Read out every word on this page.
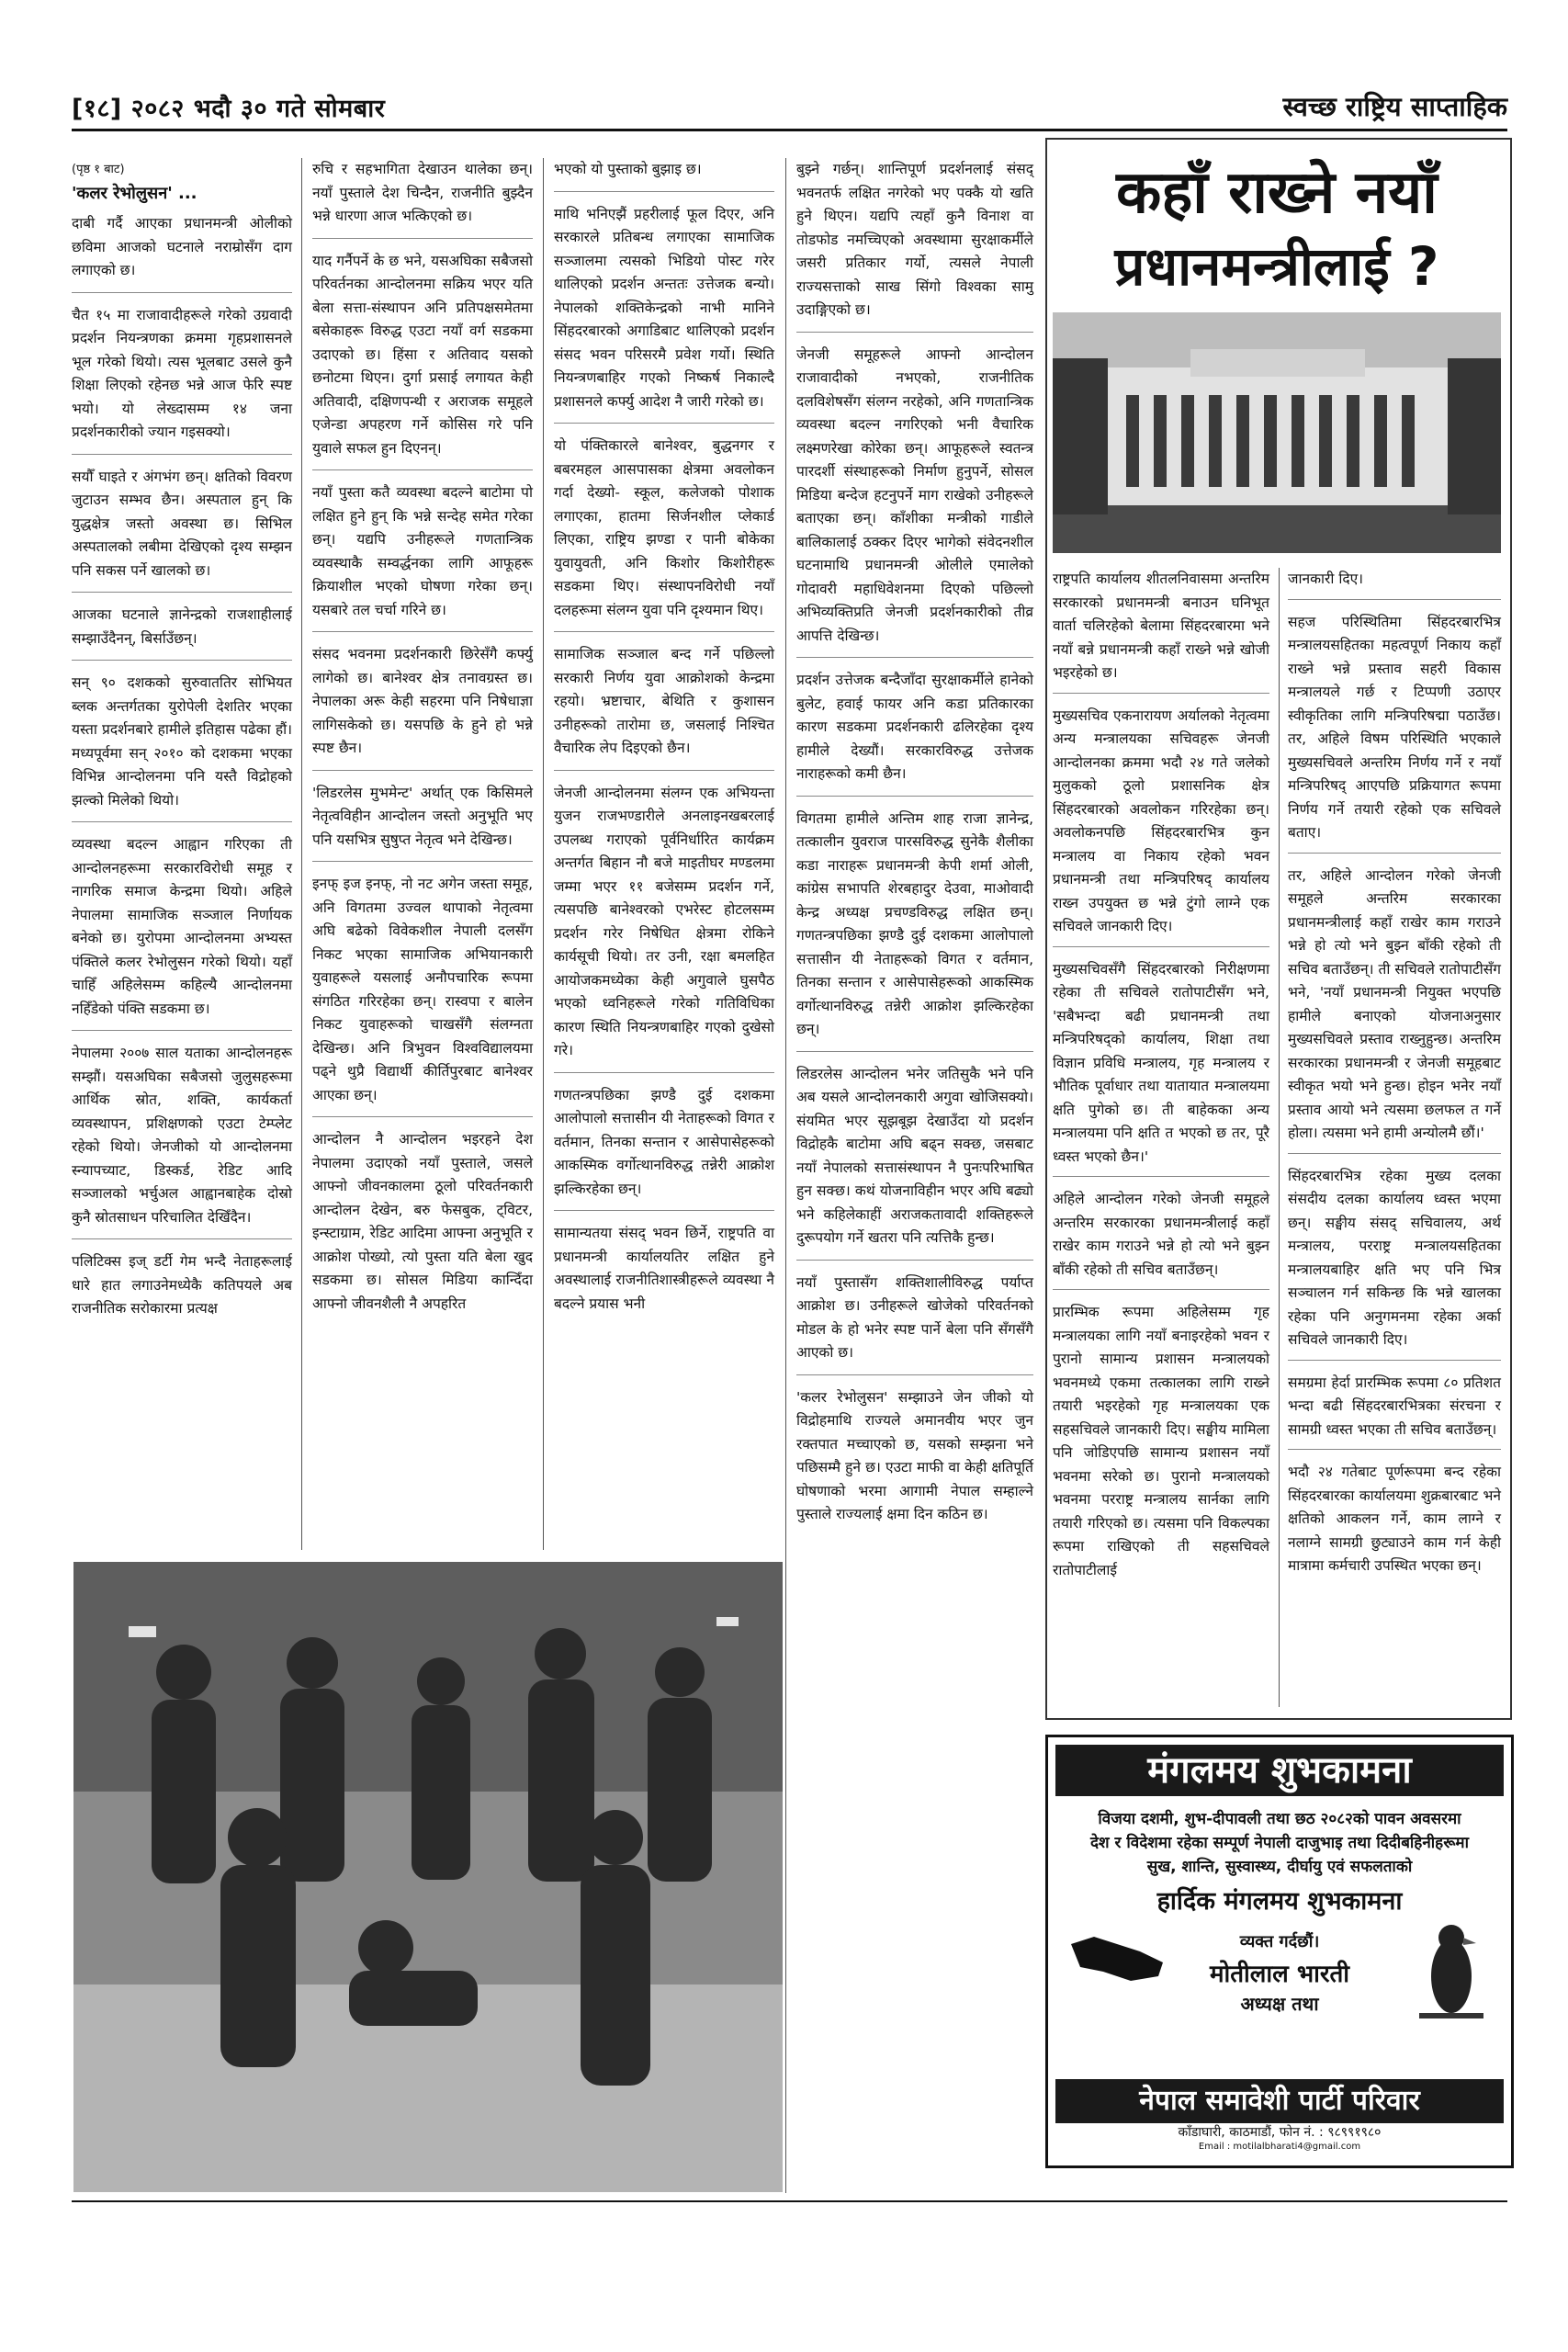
[१८] २०८२ भदौ ३० गते सोमबार	स्वच्छ राष्ट्रिय साप्ताहिक
(पृष्ठ १ बाट)
'कलर रेभोलुसन' ...

दाबी गर्दै आएका प्रधानमन्त्री ओलीको छविमा आजको घटनाले नराम्रोसँग दाग लगाएको छ।

चैत १५ मा राजावादीहरूले गरेको उग्रवादी प्रदर्शन नियन्त्रणका क्रममा गृहप्रशासनले भूल गरेको थियो। त्यस भूलबाट उसले कुनै शिक्षा लिएको रहेनछ भन्ने आज फेरि स्पष्ट भयो। यो लेख्दासम्म १४ जना प्रदर्शनकारीको ज्यान गइसक्यो।

सयौँ घाइते र अंगभंग छन्। क्षतिको विवरण जुटाउन सम्भव छैन। अस्पताल हुन् कि युद्धक्षेत्र जस्तो अवस्था छ। सिभिल अस्पतालको लबीमा देखिएको दृश्य सम्झन पनि सकस पर्ने खालको छ।

आजका घटनाले ज्ञानेन्द्रको राजशाहीलाई सम्झाउँदैनन्, बिर्साउँछन्।

सन् ९० दशकको सुरुवाततिर सोभियत ब्लक अन्तर्गतका युरोपेली देशतिर भएका यस्ता प्रदर्शनबारे हामीले इतिहास पढेका हौं। मध्यपूर्वमा सन् २०१० को दशकमा भएका विभिन्न आन्दोलनमा पनि यस्तै विद्रोहको झल्को मिलेको थियो।

व्यवस्था बदल्न आह्वान गरिएका ती आन्दोलनहरूमा सरकारविरोधी समूह र नागरिक समाज केन्द्रमा थियो। अहिले नेपालमा सामाजिक सञ्जाल निर्णायक बनेको छ। युरोपमा आन्दोलनमा अभ्यस्त पंक्तिले कलर रेभोलुसन गरेको थियो। यहाँ चाहिँ अहिलेसम्म कहिल्यै आन्दोलनमा नहिँडेको पंक्ति सडकमा छ।

नेपालमा २००७ साल यताका आन्दोलनहरू सम्झौं। यसअघिका सबैजसो जुलुसहरूमा आर्थिक स्रोत, शक्ति, कार्यकर्ता व्यवस्थापन, प्रशिक्षणको एउटा टेम्प्लेट रहेको थियो। जेनजीको यो आन्दोलनमा स्न्यापच्याट, डिस्कर्ड, रेडिट आदि सञ्जालको भर्चुअल आह्वानबाहेक दोस्रो कुनै स्रोतसाधन परिचालित देखिँदैन।

पलिटिक्स इज् डर्टी गेम भन्दै नेताहरूलाई धारे हात लगाउनेमध्येकै कतिपयले अब राजनीतिक सरोकारमा प्रत्यक्ष

रुचि र सहभागिता देखाउन थालेका छन्। नयाँ पुस्ताले देश चिन्दैन, राजनीति बुझ्दैन भन्ने धारणा आज भत्किएको छ।

याद गर्नैपर्ने के छ भने, यसअघिका सबैजसो परिवर्तनका आन्दोलनमा सक्रिय भएर यति बेला सत्ता-संस्थापन अनि प्रतिपक्षसमेतमा बसेकाहरू विरुद्ध एउटा नयाँ वर्ग सडकमा उदाएको छ। हिंसा र अतिवाद यसको छनोटमा थिएन। दुर्गा प्रसाई लगायत केही अतिवादी, दक्षिणपन्थी र अराजक समूहले एजेन्डा अपहरण गर्ने कोसिस गरे पनि युवाले सफल हुन दिएनन्।

नयाँ पुस्ता कतै व्यवस्था बदल्ने बाटोमा पो लक्षित हुने हुन् कि भन्ने सन्देह समेत गरेका छन्। यद्यपि उनीहरूले गणतान्त्रिक व्यवस्थाकै सम्वर्द्धनका लागि आफूहरू क्रियाशील भएको घोषणा गरेका छन्। यसबारे तल चर्चा गरिने छ।

संसद भवनमा प्रदर्शनकारी छिरेसँगै कर्फ्यु लागेको छ। बानेश्वर क्षेत्र तनावग्रस्त छ। नेपालका अरू केही सहरमा पनि निषेधाज्ञा लागिसकेको छ। यसपछि के हुने हो भन्ने स्पष्ट छैन।

'लिडरलेस मुभमेन्ट' अर्थात् एक किसिमले नेतृत्वविहीन आन्दोलन जस्तो अनुभूति भए पनि यसभित्र सुषुप्त नेतृत्व भने देखिन्छ।

इनफ् इज इनफ्, नो नट अगेन जस्ता समूह, अनि विगतमा उज्वल थापाको नेतृत्वमा अघि बढेको विवेकशील नेपाली दलसँग निकट भएका सामाजिक अभियानकारी युवाहरूले यसलाई अनौपचारिक रूपमा संगठित गरिरहेका छन्। रास्वपा र बालेन निकट युवाहरूको चाखसँगै संलग्नता देखिन्छ। अनि त्रिभुवन विश्वविद्यालयमा पढ्ने थुप्रै विद्यार्थी कीर्तिपुरबाट बानेश्वर आएका छन्।

आन्दोलन नै आन्दोलन भइरहने देश नेपालमा उदाएको नयाँ पुस्ताले, जसले आफ्नो जीवनकालमा ठूलो परिवर्तनकारी आन्दोलन देखेन, बरु फेसबुक, ट्विटर, इन्स्टाग्राम, रेडिट आदिमा आफ्ना अनुभूति र आक्रोश पोख्यो, त्यो पुस्ता यति बेला खुद सडकमा छ। सोसल मिडिया कान्दिँदा आफ्नो जीवनशैली नै अपहरित

भएको यो पुस्ताको बुझाइ छ।

माथि भनिएझैं प्रहरीलाई फूल दिएर, अनि सरकारले प्रतिबन्ध लगाएका सामाजिक सञ्जालमा त्यसको भिडियो पोस्ट गरेर थालिएको प्रदर्शन अन्ततः उत्तेजक बन्यो। नेपालको शक्तिकेन्द्रको नाभी मानिने सिंहदरबारको अगाडिबाट थालिएको प्रदर्शन संसद भवन परिसरमै प्रवेश गर्यो। स्थिति नियन्त्रणबाहिर गएको निष्कर्ष निकाल्दै प्रशासनले कर्फ्यु आदेश नै जारी गरेको छ।

यो पंक्तिकारले बानेश्वर, बुद्धनगर र बबरमहल आसपासका क्षेत्रमा अवलोकन गर्दा देख्यो- स्कूल, कलेजको पोशाक लगाएका, हातमा सिर्जनशील प्लेकार्ड लिएका, राष्ट्रिय झण्डा र पानी बोकेका युवायुवती, अनि किशोर किशोरीहरू सडकमा थिए। संस्थापनविरोधी नयाँ दलहरूमा संलग्न युवा पनि दृश्यमान थिए।

सामाजिक सञ्जाल बन्द गर्ने पछिल्लो सरकारी निर्णय युवा आक्रोशको केन्द्रमा रहयो। भ्रष्टाचार, बेथिति र कुशासन उनीहरूको तारोमा छ, जसलाई निश्चित वैचारिक लेप दिइएको छैन।

जेनजी आन्दोलनमा संलग्न एक अभियन्ता युजन राजभण्डारीले अनलाइनखबरलाई उपलब्ध गराएको पूर्वनिर्धारित कार्यक्रम अन्तर्गत बिहान नौ बजे माइतीघर मण्डलमा जम्मा भएर ११ बजेसम्म प्रदर्शन गर्ने, त्यसपछि बानेश्वरको एभरेस्ट होटलसम्म प्रदर्शन गरेर निषेधित क्षेत्रमा रोकिने कार्यसूची थियो। तर उनी, रक्षा बमलहित आयोजकमध्येका केही अगुवाले घुसपैठ भएको ध्वनिहरूले गरेको गतिविधिका कारण स्थिति नियन्त्रणबाहिर गएको दुखेसो गरे।

गणतन्त्रपछिका झण्डै दुई दशकमा आलोपालो सत्तासीन यी नेताहरूको विगत र वर्तमान, तिनका सन्तान र आसेपासेहरूको आकस्मिक वर्गोत्थानविरुद्ध तन्नेरी आक्रोश झल्किरहेका छन्।

सामान्यतया संसद् भवन छिर्ने, राष्ट्रपति वा प्रधानमन्त्री कार्यालयतिर लक्षित हुने अवस्थालाई राजनीतिशास्त्रीहरूले व्यवस्था नै बदल्ने प्रयास भनी

बुझ्ने गर्छन्। शान्तिपूर्ण प्रदर्शनलाई संसद् भवनतर्फ लक्षित नगरेको भए पक्कै यो खति हुने थिएन। यद्यपि त्यहाँ कुनै विनाश वा तोडफोड नमच्चिएको अवस्थामा सुरक्षाकर्मीले जसरी प्रतिकार गर्यो, त्यसले नेपाली राज्यसत्ताको साख सिंगो विश्वका सामु उदाङ्गिएको छ।

जेनजी समूहरूले आफ्नो आन्दोलन राजावादीको नभएको, राजनीतिक दलविशेषसँग संलग्न नरहेको, अनि गणतान्त्रिक व्यवस्था बदल्न नगरिएको भनी वैचारिक लक्ष्मणरेखा कोरेका छन्। आफूहरूले स्वतन्त्र पारदर्शी संस्थाहरूको निर्माण हुनुपर्ने, सोसल मिडिया बन्देज हटनुपर्ने माग राखेको उनीहरूले बताएका छन्। काँशीका मन्त्रीको गाडीले बालिकालाई ठक्कर दिएर भागेको संवेदनशील घटनामाथि प्रधानमन्त्री ओलीले एमालेको गोदावरी महाधिवेशनमा दिएको पछिल्लो अभिव्यक्तिप्रति जेनजी प्रदर्शनकारीको तीव्र आपत्ति देखिन्छ।

प्रदर्शन उत्तेजक बन्दैजाँदा सुरक्षाकर्मीले हानेको बुलेट, हवाई फायर अनि कडा प्रतिकारका कारण सडकमा प्रदर्शनकारी ढलिरहेका दृश्य हामीले देख्यौं। सरकारविरुद्ध उत्तेजक नाराहरूको कमी छैन।

विगतमा हामीले अन्तिम शाह राजा ज्ञानेन्द्र, तत्कालीन युवराज पारसविरुद्ध सुनेकै शैलीका कडा नाराहरू प्रधानमन्त्री केपी शर्मा ओली, कांग्रेस सभापति शेरबहादुर देउवा, माओवादी केन्द्र अध्यक्ष प्रचण्डविरुद्ध लक्षित छन्। गणतन्त्रपछिका झण्डै दुई दशकमा आलोपालो सत्तासीन यी नेताहरूको विगत र वर्तमान, तिनका सन्तान र आसेपासेहरूको आकस्मिक वर्गोत्थानविरुद्ध तन्नेरी आक्रोश झल्किरहेका छन्।

लिडरलेस आन्दोलन भनेर जतिसुकै भने पनि अब यसले आन्दोलनकारी अगुवा खोजिसक्यो। संयमित भएर सूझबूझ देखाउँदा यो प्रदर्शन विद्रोहकै बाटोमा अघि बढ्न सक्छ, जसबाट नयाँ नेपालको सत्तासंस्थापन नै पुनःपरिभाषित हुन सक्छ। कथं योजनाविहीन भएर अघि बढ्यो भने कहिलेकाहीं अराजकतावादी शक्तिहरूले दुरूपयोग गर्ने खतरा पनि त्यत्तिकै हुन्छ।

नयाँ पुस्तासँग शक्तिशालीविरुद्ध पर्याप्त आक्रोश छ। उनीहरूले खोजेको परिवर्तनको मोडल के हो भनेर स्पष्ट पार्ने बेला पनि सँगसँगै आएको छ।

'कलर रेभोलुसन' सम्झाउने जेन जीको यो विद्रोहमाथि राज्यले अमानवीय भएर जुन रक्तपात मच्चाएको छ, यसको सम्झना भने पछिसम्मै हुने छ। एउटा माफी वा केही क्षतिपूर्ति घोषणाको भरमा आगामी नेपाल सम्हाल्ने पुस्ताले राज्यलाई क्षमा दिन कठिन छ।

कहाँ राख्ने नयाँ
प्रधानमन्त्रीलाई ?

राष्ट्रपति कार्यालय शीतलनिवासमा अन्तरिम सरकारको प्रधानमन्त्री बनाउन घनिभूत वार्ता चलिरहेको बेलामा सिंहदरबारमा भने नयाँ बन्ने प्रधानमन्त्री कहाँ राख्ने भन्ने खोजी भइरहेको छ।

मुख्यसचिव एकनारायण अर्यालको नेतृत्वमा अन्य मन्त्रालयका सचिवहरू जेनजी आन्दोलनका क्रममा भदौ २४ गते जलेको मुलुकको ठूलो प्रशासनिक क्षेत्र सिंहदरबारको अवलोकन गरिरहेका छन्। अवलोकनपछि सिंहदरबारभित्र कुन मन्त्रालय वा निकाय रहेको भवन प्रधानमन्त्री तथा मन्त्रिपरिषद् कार्यालय राख्न उपयुक्त छ भन्ने टुंगो लाग्ने एक सचिवले जानकारी दिए।

मुख्यसचिवसँगै सिंहदरबारको निरीक्षणमा रहेका ती सचिवले रातोपाटीसँग भने, 'सबैभन्दा बढी प्रधानमन्त्री तथा मन्त्रिपरिषद्को कार्यालय, शिक्षा तथा विज्ञान प्रविधि मन्त्रालय, गृह मन्त्रालय र भौतिक पूर्वाधार तथा यातायात मन्त्रालयमा क्षति पुगेको छ। ती बाहेकका अन्य मन्त्रालयमा पनि क्षति त भएको छ तर, पूरै ध्वस्त भएको छैन।'

अहिले आन्दोलन गरेको जेनजी समूहले अन्तरिम सरकारका प्रधानमन्त्रीलाई कहाँ राखेर काम गराउने भन्ने हो त्यो भने बुझ्न बाँकी रहेको ती सचिव बताउँछन्।

प्रारम्भिक रूपमा अहिलेसम्म गृह मन्त्रालयका लागि नयाँ बनाइरहेको भवन र पुरानो सामान्य प्रशासन मन्त्रालयको भवनमध्ये एकमा तत्कालका लागि राख्ने तयारी भइरहेको गृह मन्त्रालयका एक सहसचिवले जानकारी दिए। सङ्घीय मामिला पनि जोडिएपछि सामान्य प्रशासन नयाँ भवनमा सरेको छ। पुरानो मन्त्रालयको भवनमा परराष्ट्र मन्त्रालय सार्नका लागि तयारी गरिएको छ। त्यसमा पनि विकल्पका रूपमा राखिएको ती सहसचिवले रातोपाटीलाई

जानकारी दिए।

सहज परिस्थितिमा सिंहदरबारभित्र मन्त्रालयसहितका महत्वपूर्ण निकाय कहाँ राख्ने भन्ने प्रस्ताव सहरी विकास मन्त्रालयले गर्छ र टिप्पणी उठाएर स्वीकृतिका लागि मन्त्रिपरिषद्मा पठाउँछ। तर, अहिले विषम परिस्थिति भएकाले मुख्यसचिवले अन्तरिम निर्णय गर्ने र नयाँ मन्त्रिपरिषद् आएपछि प्रक्रियागत रूपमा निर्णय गर्ने तयारी रहेको एक सचिवले बताए।

तर, अहिले आन्दोलन गरेको जेनजी समूहले अन्तरिम सरकारका प्रधानमन्त्रीलाई कहाँ राखेर काम गराउने भन्ने हो त्यो भने बुझ्न बाँकी रहेको ती सचिव बताउँछन्। ती सचिवले रातोपाटीसँग भने, 'नयाँ प्रधानमन्त्री नियुक्त भएपछि हामीले बनाएको योजनाअनुसार मुख्यसचिवले प्रस्ताव राख्नुहुन्छ। अन्तरिम सरकारका प्रधानमन्त्री र जेनजी समूहबाट स्वीकृत भयो भने हुन्छ। होइन भनेर नयाँ प्रस्ताव आयो भने त्यसमा छलफल त गर्ने होला। त्यसमा भने हामी अन्योलमै छौं।'

सिंहदरबारभित्र रहेका मुख्य दलका संसदीय दलका कार्यालय ध्वस्त भएमा छन्। सङ्घीय संसद् सचिवालय, अर्थ मन्त्रालय, परराष्ट्र मन्त्रालयसहितका मन्त्रालयबाहिर क्षति भए पनि भित्र सञ्चालन गर्न सकिन्छ कि भन्ने खालका रहेका पनि अनुगमनमा रहेका अर्का सचिवले जानकारी दिए।

समग्रमा हेर्दा प्रारम्भिक रूपमा ८० प्रतिशत भन्दा बढी सिंहदरबारभित्रका संरचना र सामग्री ध्वस्त भएका ती सचिव बताउँछन्।

भदौ २४ गतेबाट पूर्णरूपमा बन्द रहेका सिंहदरबारका कार्यालयमा शुक्रबारबाट भने क्षतिको आकलन गर्ने, काम लाग्ने र नलाग्ने सामग्री छुट्याउने काम गर्न केही मात्रामा कर्मचारी उपस्थित भएका छन्।

मंगलमय शुभकामना
विजया दशमी, शुभ-दीपावली तथा छठ २०८२को पावन अवसरमा
देश र विदेशमा रहेका सम्पूर्ण नेपाली दाजुभाइ तथा दिदीबहिनीहरूमा
सुख, शान्ति, सुस्वास्थ्य, दीर्घायु एवं सफलताको
हार्दिक मंगलमय शुभकामना
व्यक्त गर्दछौं।
मोतीलाल भारती
अध्यक्ष तथा
नेपाल समावेशी पार्टी परिवार
काँडाघारी, काठमाडौं, फोन नं. : ९८९९१९८०
Email : motilalbharati4@gmail.com
